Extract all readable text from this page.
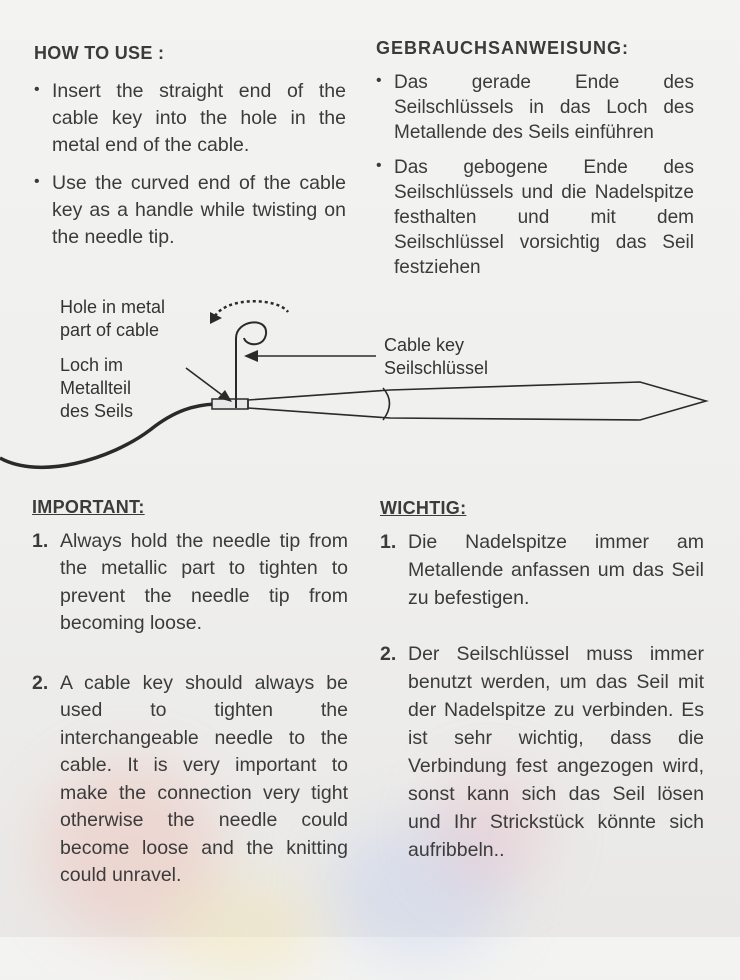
HOW TO USE :
• Insert the straight end of the cable key into the hole in the metal end of the cable.
• Use the curved end of the cable key as a handle while twisting on the needle tip.
GEBRAUCHSANWEISUNG:
• Das gerade Ende des Seilschlüssels in das Loch des Metallende des Seils einführen
• Das gebogene Ende des Seilschlüssels und die Nadelspitze festhalten und mit dem Seilschlüssel vorsichtig das Seil festziehen
Hole in metal
part of cable
Loch im
Metallteil
des Seils
Cable key
Seilschlüssel
IMPORTANT:
1. Always hold the needle tip from the metallic part to tighten to prevent the needle tip from becoming loose.
2. A cable key should always be used to tighten the interchangeable needle to the cable. It is very important to make the connection very tight otherwise the needle could become loose and the knitting could unravel.
WICHTIG:
1. Die Nadelspitze immer am Metallende anfassen um das Seil zu befestigen.
2. Der Seilschlüssel muss immer benutzt werden, um das Seil mit der Nadelspitze zu verbinden. Es ist sehr wichtig, dass die Verbindung fest angezogen wird, sonst kann sich das Seil lösen und Ihr Strickstück könnte sich aufribbeln..
